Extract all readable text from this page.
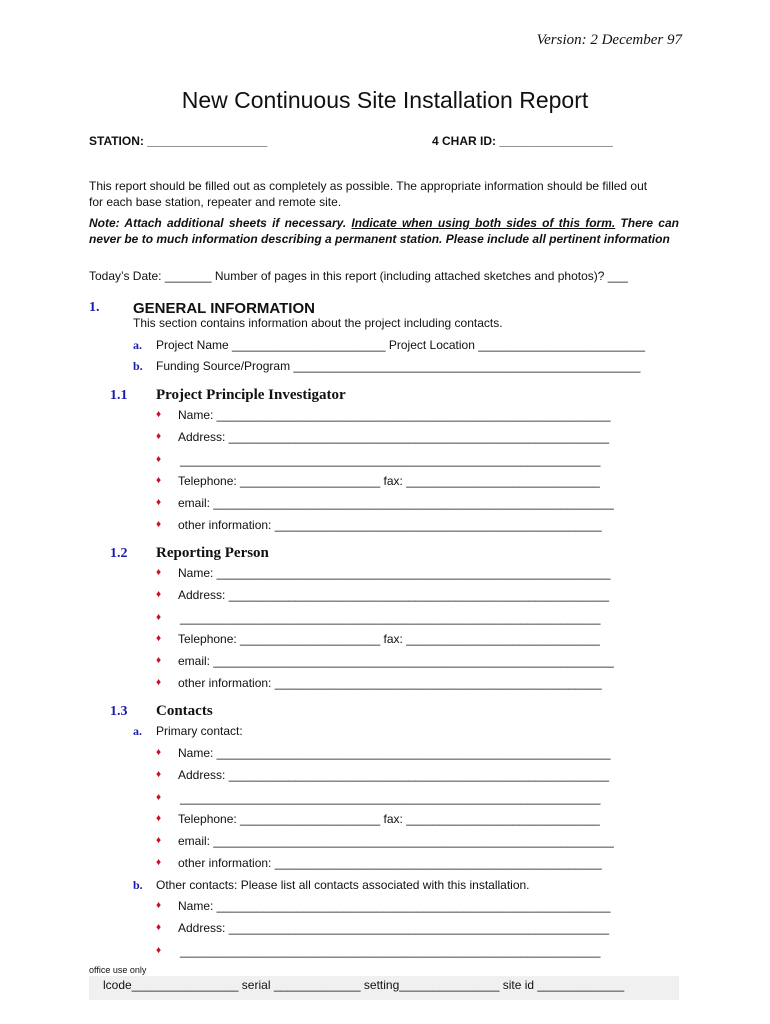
Version: 2 December 97
New Continuous Site Installation Report
STATION: __________________	4 CHAR ID: _________________
This report should be filled out as completely as possible. The appropriate information should be filled out
for each base station, repeater and remote site.
Note: Attach additional sheets if necessary. Indicate when using both sides of this form. There can never be to much information describing a permanent station. Please include all pertinent information
Today’s Date: _______ Number of pages in this report (including attached sketches and photos)? ___
1. GENERAL INFORMATION
This section contains information about the project including contacts.
a. Project Name _______________________ Project Location _________________________
b. Funding Source/Program ____________________________________________________
1.1 Project Principle Investigator
♦ Name: ___________________________________________________________
♦ Address: _________________________________________________________
♦ _______________________________________________________________
♦ Telephone: _____________________ fax: _____________________________
♦ email: ____________________________________________________________
♦ other information: _________________________________________________
1.2 Reporting Person
♦ Name: ___________________________________________________________
♦ Address: _________________________________________________________
♦ _______________________________________________________________
♦ Telephone: _____________________ fax: _____________________________
♦ email: ____________________________________________________________
♦ other information: _________________________________________________
1.3 Contacts
a. Primary contact:
♦ Name: ___________________________________________________________
♦ Address: _________________________________________________________
♦ _______________________________________________________________
♦ Telephone: _____________________ fax: _____________________________
♦ email: ____________________________________________________________
♦ other information: _________________________________________________
b. Other contacts: Please list all contacts associated with this installation.
♦ Name: ___________________________________________________________
♦ Address: _________________________________________________________
♦ _______________________________________________________________
office use only
lcode________________ serial _____________ setting_______________ site id _____________
